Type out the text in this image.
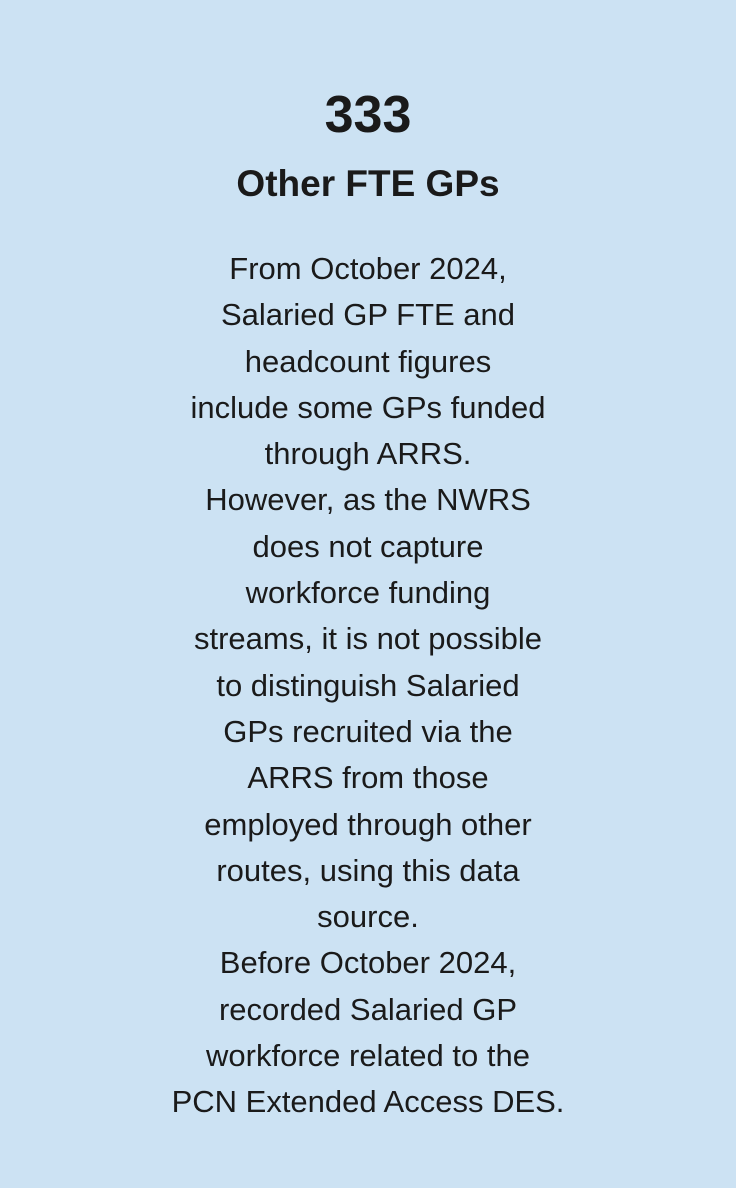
333
Other FTE GPs

From October 2024,
Salaried GP FTE and
headcount figures
include some GPs funded
through ARRS.
However, as the NWRS
does not capture
workforce funding
streams, it is not possible
to distinguish Salaried
GPs recruited via the
ARRS from those
employed through other
routes, using this data
source.
Before October 2024,
recorded Salaried GP
workforce related to the
PCN Extended Access DES.
